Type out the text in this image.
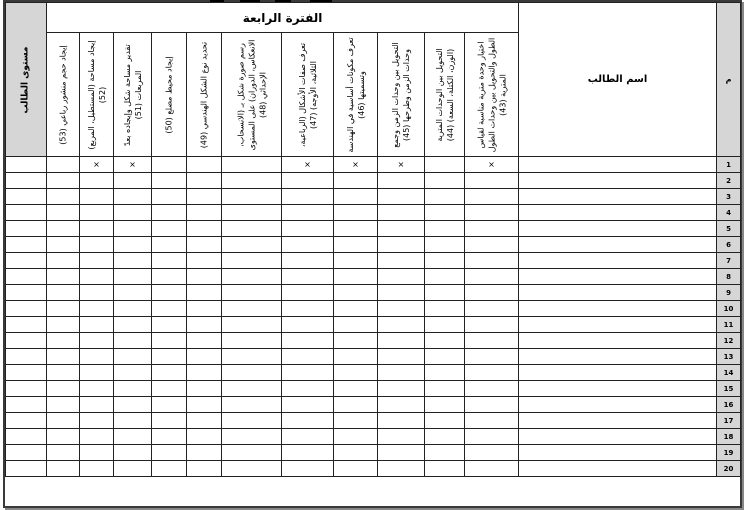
مستوى الطالب	الفترة الرابعة											اسم الطالب	م

	إيجاد حجم منشور رباعي (53)	إيجاد مساحة (المستطيل، المربع) (52)	تقدير مساحة شكل وإيجاده بعدّ المربعات (51)	إيجاد محيط مضلع (50)	تحديد نوع الشكل الهندسي (49)	رسم صورة شكل بـ (الانسحاب، الانعكاس، الدوران) على المستوى الإحداثي (48)	تعرف صفات الأشكال (الرباعية، الثلاثية، الأوجه) (47)	تعرف مكونات أساسية في الهندسة وتسميتها (46)	التحويل بين وحدات الزمن وجمع وحدات الزمن وطرحها (45)	التحويل بين الوحدات المترية (الوزن، الكتلة، السعة) (44)	اختيار وحدة مترية مناسبة لقياس الطول والتحويل بين وحدات الطول المترية (43)		

		×	×				×	×	×		×		1
													2
													3
													4
													5
													6
													7
													8
													9
													10
													11
													12
													13
													14
													15
													16
													17
													18
													19
													20
